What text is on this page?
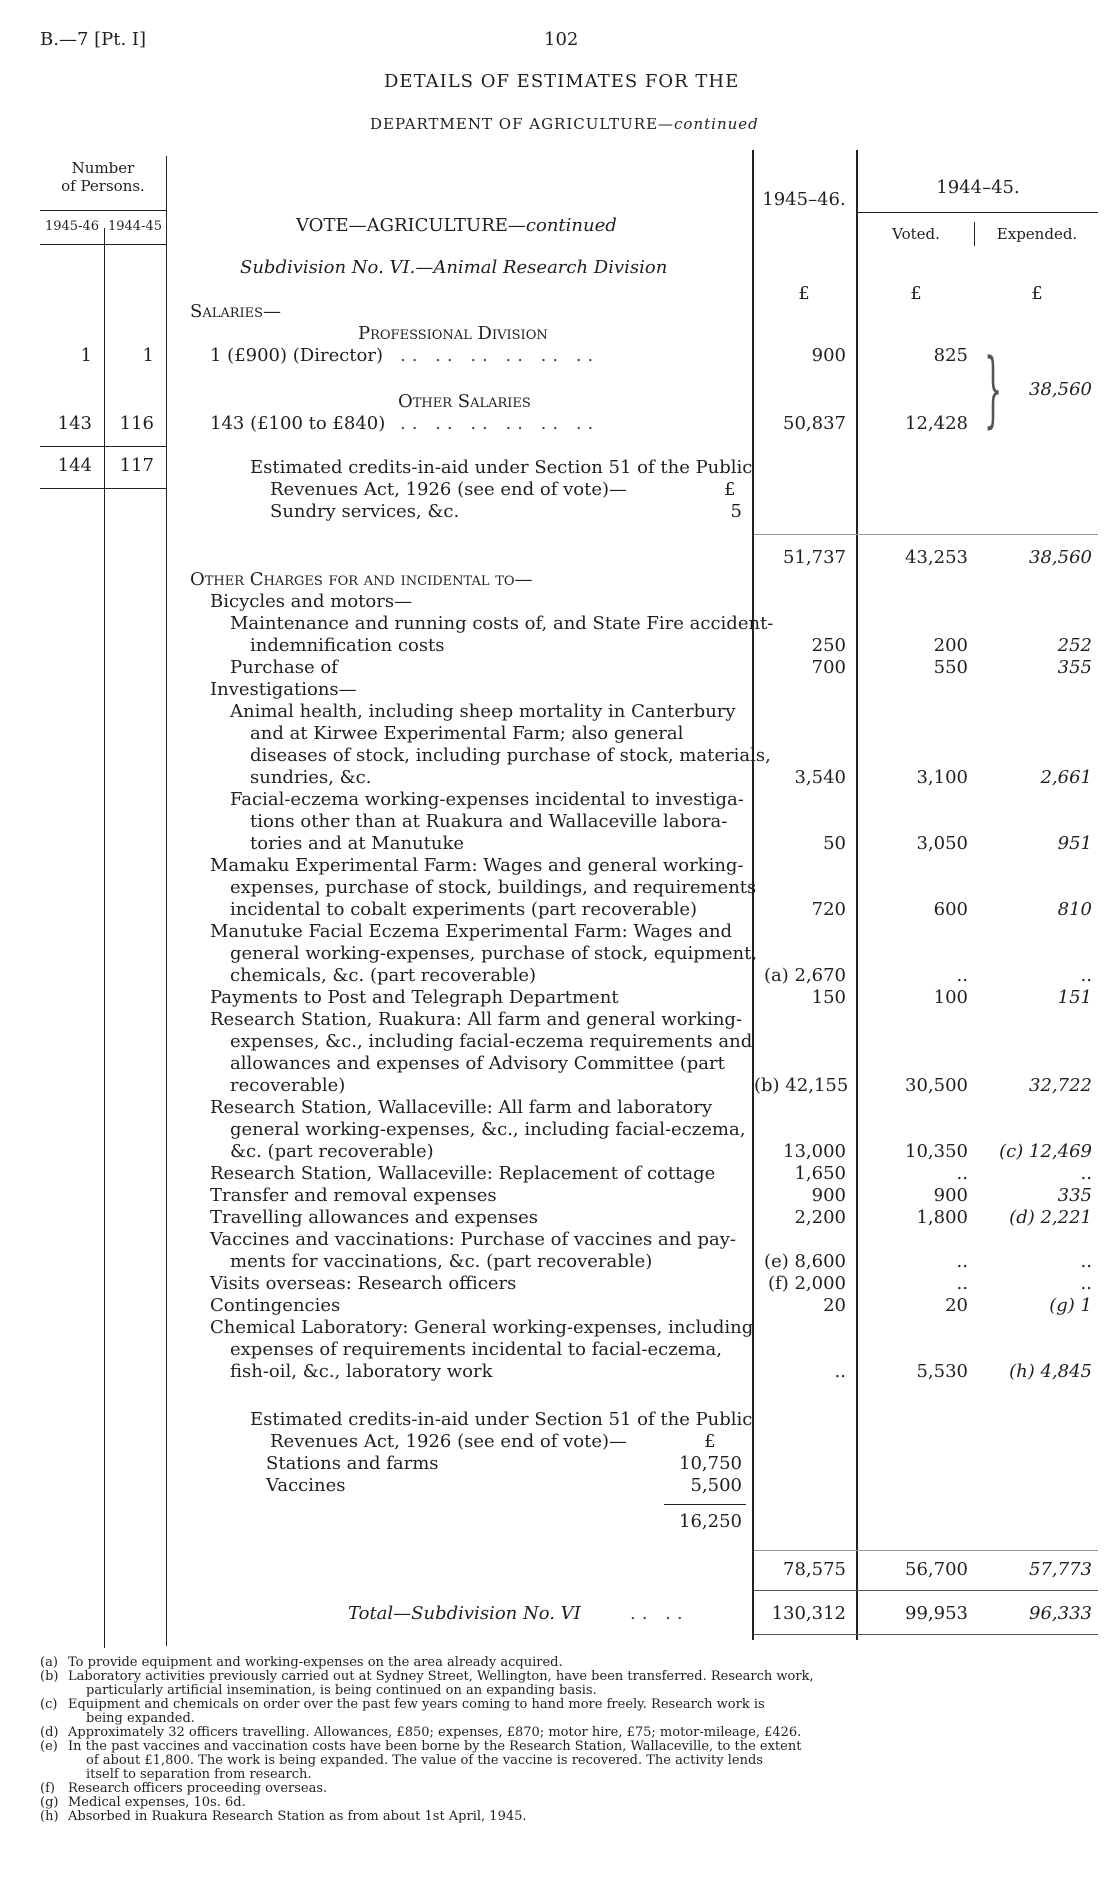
B.—7 [Pt. I]	102
DETAILS OF ESTIMATES FOR THE
DEPARTMENT OF AGRICULTURE—continued
Number
of Persons.
1945-46 1944-45
1945–46.
1944–45.
Voted.	Expended.
VOTE—AGRICULTURE—continued
Subdivision No. VI.—Animal Research Division
£	£	£
Salaries—
Professional Division
1	1	1 (£900) (Director) .. .. .. .. .. ..	900	825
Other Salaries
143	116	143 (£100 to £840) .. .. .. .. .. ..	50,837	12,428 }	38,560
144	117	Estimated credits-in-aid under Section 51 of the Public
Revenues Act, 1926 (see end of vote)—	£
Sundry services, &c.	5
51,737	43,253	38,560
Other Charges for and incidental to—
Bicycles and motors—
Maintenance and running costs of, and State Fire accident-
indemnification costs	250	200	252
Purchase of	700	550	355
Investigations—
Animal health, including sheep mortality in Canterbury
and at Kirwee Experimental Farm; also general
diseases of stock, including purchase of stock, materials,
sundries, &c.	3,540	3,100	2,661
Facial-eczema working-expenses incidental to investiga-
tions other than at Ruakura and Wallaceville labora-
tories and at Manutuke	50	3,050	951
Mamaku Experimental Farm: Wages and general working-
expenses, purchase of stock, buildings, and requirements
incidental to cobalt experiments (part recoverable)	720	600	810
Manutuke Facial Eczema Experimental Farm: Wages and
general working-expenses, purchase of stock, equipment,
chemicals, &c. (part recoverable)	(a) 2,670	..	..
Payments to Post and Telegraph Department	150	100	151
Research Station, Ruakura: All farm and general working-
expenses, &c., including facial-eczema requirements and
allowances and expenses of Advisory Committee (part
recoverable)	(b) 42,155	30,500	32,722
Research Station, Wallaceville: All farm and laboratory
general working-expenses, &c., including facial-eczema,
&c. (part recoverable)	13,000	10,350	(c) 12,469
Research Station, Wallaceville: Replacement of cottage	1,650	..	..
Transfer and removal expenses	900	900	335
Travelling allowances and expenses	2,200	1,800	(d) 2,221
Vaccines and vaccinations: Purchase of vaccines and pay-
ments for vaccinations, &c. (part recoverable)	(e) 8,600	..	..
Visits overseas: Research officers	(f) 2,000	..	..
Contingencies	20	20	(g) 1
Chemical Laboratory: General working-expenses, including
expenses of requirements incidental to facial-eczema,
fish-oil, &c., laboratory work	..	5,530	(h) 4,845
Estimated credits-in-aid under Section 51 of the Public
Revenues Act, 1926 (see end of vote)—	£
Stations and farms	10,750
Vaccines	5,500
16,250
78,575	56,700	57,773
Total—Subdivision No. VI	.. ..	130,312	99,953	96,333
(a) To provide equipment and working-expenses on the area already acquired.
(b) Laboratory activities previously carried out at Sydney Street, Wellington, have been transferred. Research work,
particularly artificial insemination, is being continued on an expanding basis.
(c) Equipment and chemicals on order over the past few years coming to hand more freely. Research work is
being expanded.
(d) Approximately 32 officers travelling. Allowances, £850; expenses, £870; motor hire, £75; motor-mileage, £426.
(e) In the past vaccines and vaccination costs have been borne by the Research Station, Wallaceville, to the extent
of about £1,800. The work is being expanded. The value of the vaccine is recovered. The activity lends
itself to separation from research.
(f) Research officers proceeding overseas.
(g) Medical expenses, 10s. 6d.
(h) Absorbed in Ruakura Research Station as from about 1st April, 1945.
